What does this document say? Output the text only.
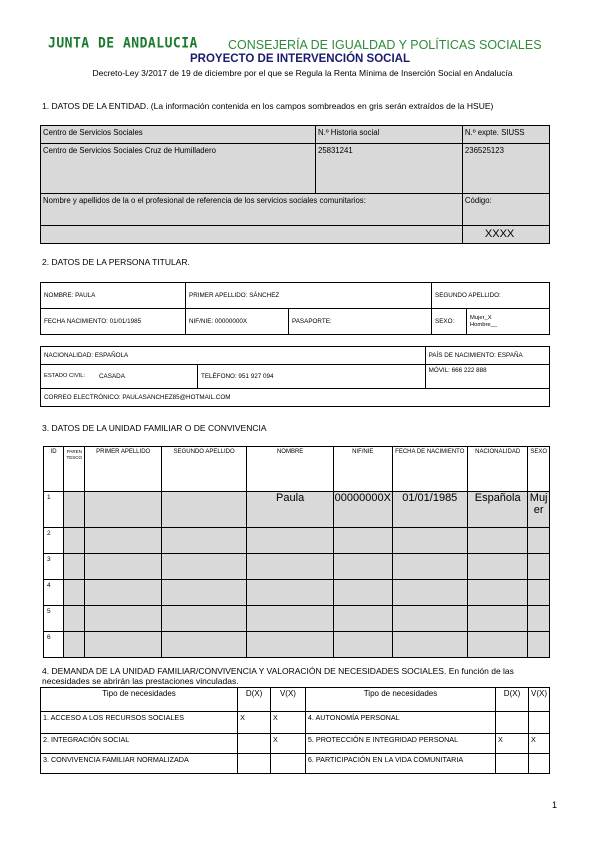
JUNTA DE ANDALUCIA CONSEJERÍA DE IGUALDAD Y POLÍTICAS SOCIALES
PROYECTO DE INTERVENCIÓN SOCIAL
Decreto-Ley 3/2017 de 19 de diciembre por el que se Regula la Renta Mínima de Inserción Social en Andalucía
1. DATOS DE LA ENTIDAD. (La información contenida en los campos sombreados en gris serán extraídos de la HSUE)
Centro de Servicios Sociales	N.º Historia social	N.º expte. SIUSS
Centro de Servicios Sociales Cruz de Humilladero	25831241	236525123
Nombre y apellidos de la o el profesional de referencia de los servicios sociales comunitarios:		Código:
		XXXX
2. DATOS DE LA PERSONA TITULAR.
NOMBRE: PAULA	PRIMER APELLIDO: SÁNCHEZ		SEGUNDO APELLIDO:	
FECHA NACIMIENTO: 01/01/1985	NIF/NIE: 00000000X	PASAPORTE:	SEXO:	Mujer_X
Hombre__
NACIONALIDAD: ESPAÑOLA		PAÍS DE NACIMIENTO: ESPAÑA
ESTADO CIVIL: CASADA	TELÉFONO: 951 927 094	MÓVIL: 666 222 888
CORREO ELECTRÓNICO: PAULASANCHEZ85@HOTMAIL.COM		
3. DATOS DE LA UNIDAD FAMILIAR O DE CONVIVENCIA
ID	PARENTESCO	PRIMER APELLIDO	SEGUNDO APELLIDO	NOMBRE	NIF/NIE	FECHA DE NACIMIENTO	NACIONALIDAD	SEXO
1				Paula	00000000X	01/01/1985	Española	Mujer
2								
3								
4								
5								
6								
4. DEMANDA DE LA UNIDAD FAMILIAR/CONVIVENCIA Y VALORACIÓN DE NECESIDADES SOCIALES. En función de las necesidades se abrirán las prestaciones vinculadas.
Tipo de necesidades	D(X)	V(X)	Tipo de necesidades	D(X)	V(X)
1. ACCESO A LOS RECURSOS SOCIALES	X	X	4. AUTONOMÍA PERSONAL		
2. INTEGRACIÓN SOCIAL		X	5. PROTECCIÓN E INTEGRIDAD PERSONAL	X	X
3. CONVIVENCIA FAMILIAR NORMALIZADA			6. PARTICIPACIÓN EN LA VIDA COMUNITARIA		
1
